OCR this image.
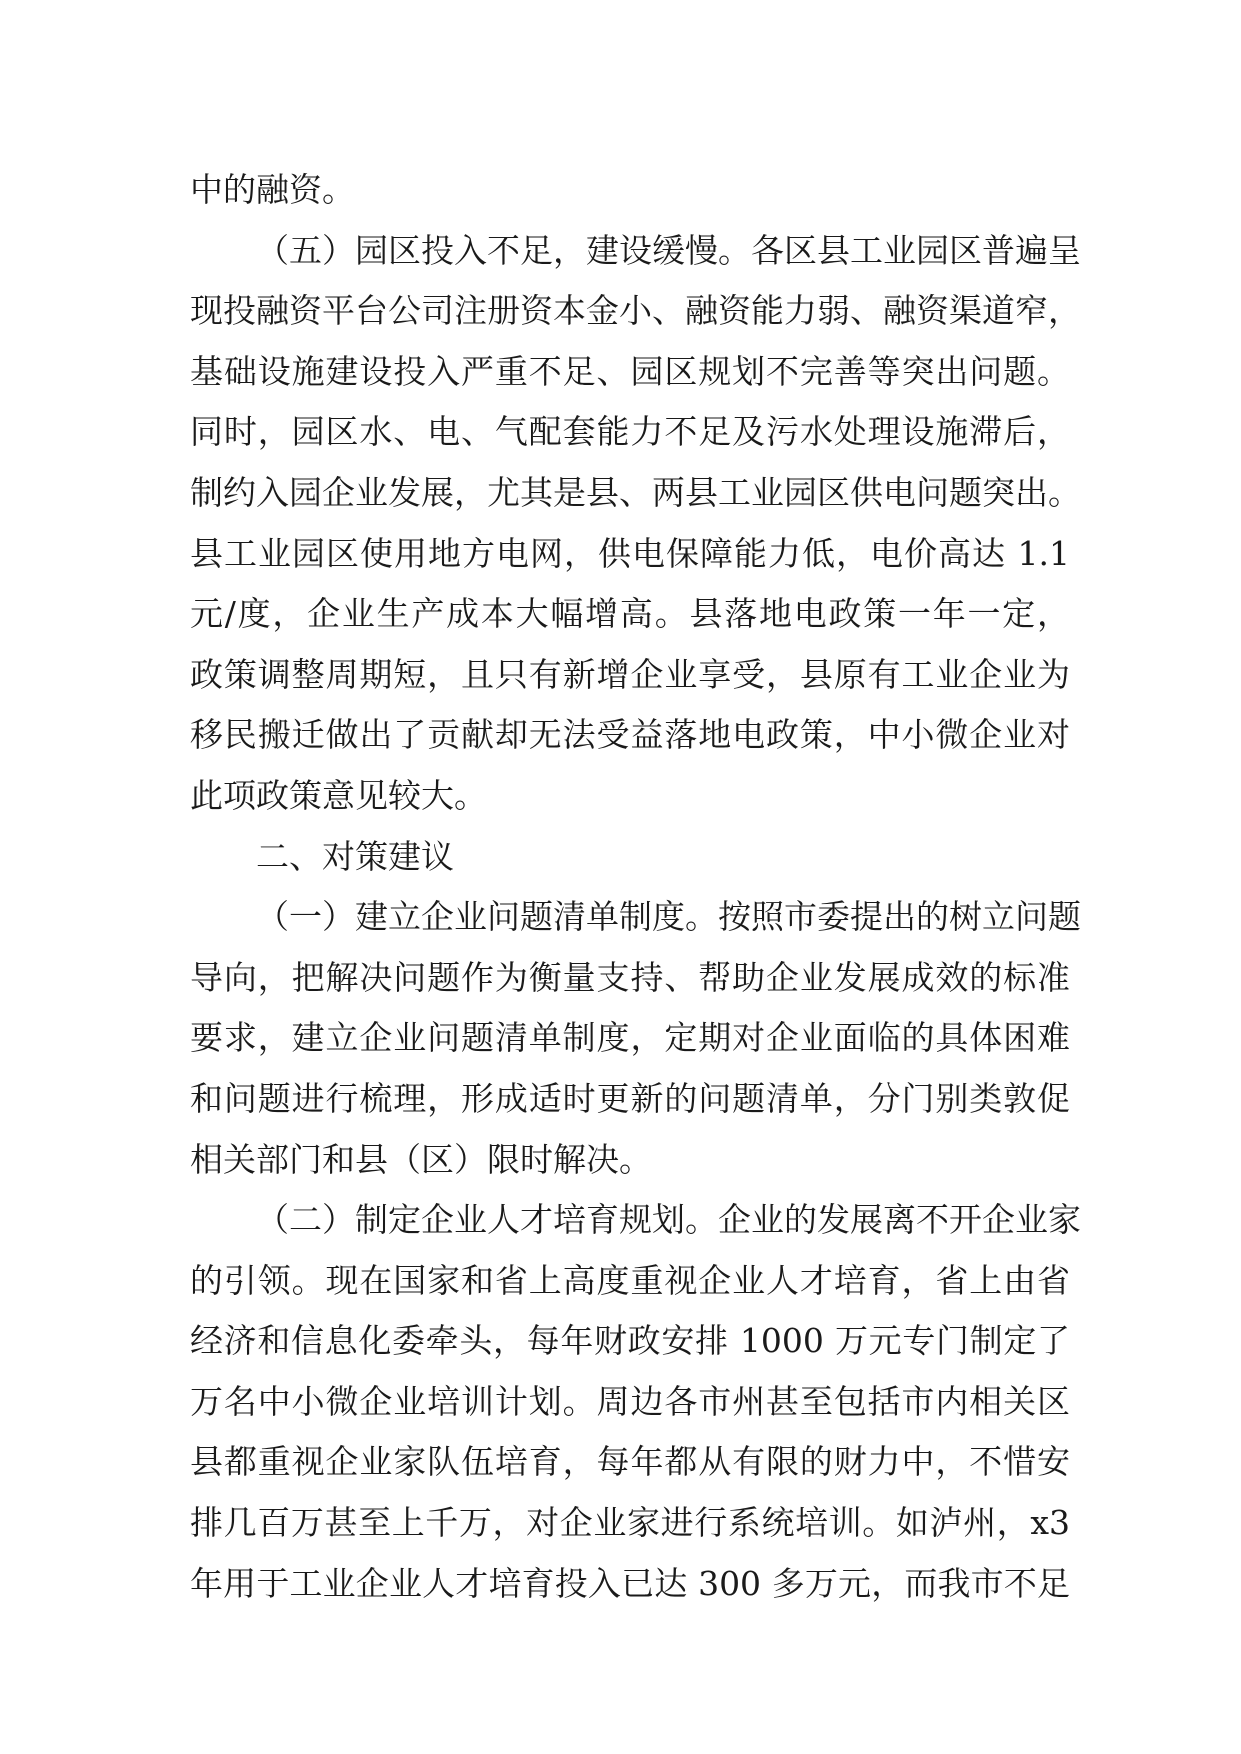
中的融资。
（五）园区投入不足，建设缓慢。各区县工业园区普遍呈
现投融资平台公司注册资本金小、融资能力弱、融资渠道窄，
基础设施建设投入严重不足、园区规划不完善等突出问题。
同时，园区水、电、气配套能力不足及污水处理设施滞后，
制约入园企业发展，尤其是县、两县工业园区供电问题突出。
县工业园区使用地方电网，供电保障能力低，电价高达 1.1
元/度，企业生产成本大幅增高。县落地电政策一年一定，
政策调整周期短，且只有新增企业享受，县原有工业企业为
移民搬迁做出了贡献却无法受益落地电政策，中小微企业对
此项政策意见较大。
二、对策建议
（一）建立企业问题清单制度。按照市委提出的树立问题
导向，把解决问题作为衡量支持、帮助企业发展成效的标准
要求，建立企业问题清单制度，定期对企业面临的具体困难
和问题进行梳理，形成适时更新的问题清单，分门别类敦促
相关部门和县（区）限时解决。
（二）制定企业人才培育规划。企业的发展离不开企业家
的引领。现在国家和省上高度重视企业人才培育，省上由省
经济和信息化委牵头，每年财政安排 1000 万元专门制定了
万名中小微企业培训计划。周边各市州甚至包括市内相关区
县都重视企业家队伍培育，每年都从有限的财力中，不惜安
排几百万甚至上千万，对企业家进行系统培训。如泸州，x3
年用于工业企业人才培育投入已达 300 多万元，而我市不足
